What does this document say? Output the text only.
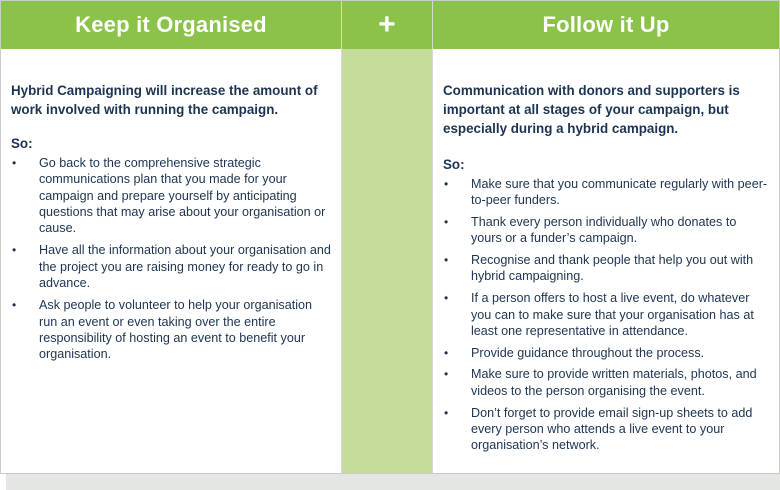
Keep it Organised

Hybrid Campaigning will increase the amount of work involved with running the campaign.

So:
• Go back to the comprehensive strategic communications plan that you made for your campaign and prepare yourself by anticipating questions that may arise about your organisation or cause.
• Have all the information about your organisation and the project you are raising money for ready to go in advance.
• Ask people to volunteer to help your organisation run an event or even taking over the entire responsibility of hosting an event to benefit your organisation.
+	Follow it Up

Communication with donors and supporters is important at all stages of your campaign, but especially during a hybrid campaign.

So:
• Make sure that you communicate regularly with peer-to-peer funders.
• Thank every person individually who donates to yours or a funder’s campaign.
• Recognise and thank people that help you out with hybrid campaigning.
• If a person offers to host a live event, do whatever you can to make sure that your organisation has at least one representative in attendance.
• Provide guidance throughout the process.
• Make sure to provide written materials, photos, and videos to the person organising the event.
• Don’t forget to provide email sign-up sheets to add every person who attends a live event to your organisation’s network.
